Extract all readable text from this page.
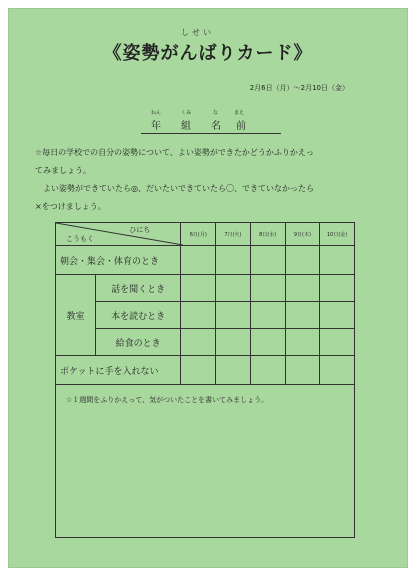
しせい
《姿勢がんばりカード》
2月6日（月）～2月10日（金）
ねん
年
くみ
組
な
名
まえ
前
☆毎日の学校での自分の姿勢について、よい姿勢ができたかどうかふりかえっ
てみましょう。
よい姿勢ができていたら◎、だいたいできていたら〇、できていなかったら
×をつけましょう。
ひにち
こうもく		6日(月)	7日(火)	8日(水)	9日(木)	10日(金)
朝会・集会・体育のとき						
教室	話を聞くとき					
	本を読むとき					
	給食のとき					
ポケットに手を入れない						

☆１週間をふりかえって、気がついたことを書いてみましょう。						
